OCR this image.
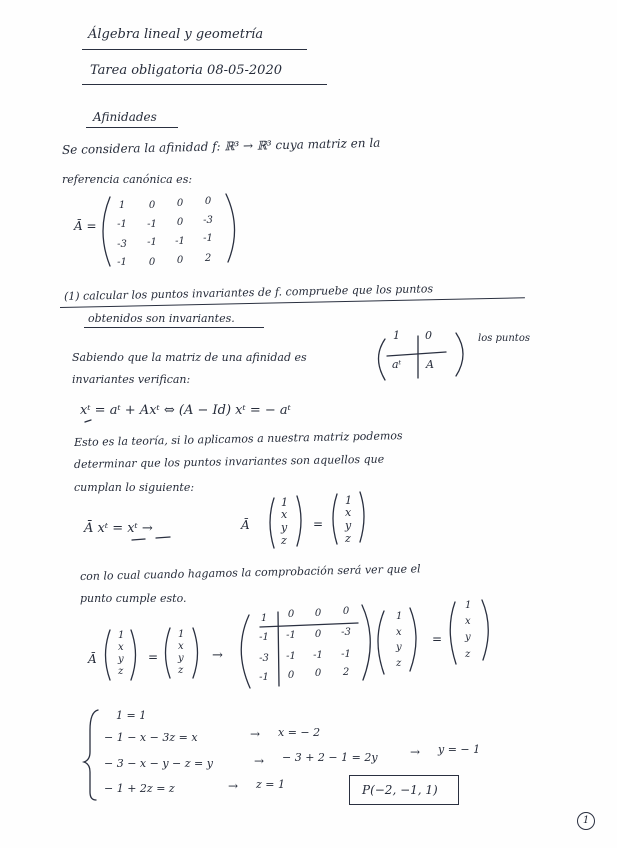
Álgebra lineal y geometría
Tarea obligatoria 08-05-2020
Afinidades
Se considera la afinidad f: ℝ³ → ℝ³ cuya matriz en la
referencia canónica es:
Ā =
1	0	0	0
-1	-1	0	-3
-3	-1	-1	-1
-1	0	0	2
(1) calcular los puntos invariantes de f. compruebe que los puntos
obtenidos son invariantes.
Sabiendo que la matriz de una afinidad es
los puntos
invariantes verifican:
1 0
aᵗ A
xᵗ = aᵗ + Axᵗ ⇔ (A − Id) xᵗ = − aᵗ
Esto es la teoría, si lo aplicamos a nuestra matriz podemos
determinar que los puntos invariantes son aquellos que
cumplan lo siguiente:
Ā xᵗ = xᵗ →	Ā
1
x
y
z
=
1
x
y
z
con lo cual cuando hagamos la comprobación será ver que el
punto cumple esto.
Ā
1
x
y
z
=
1
x
y
z
→
1	0	0	0
-1	-1	0	-3
-3	-1	-1	-1
-1	0	0	2
1
x
y
z
=
1
x
y
z
1 = 1
− 1 − x − 3z = x	→ x = − 2
− 3 − x − y − z = y	→ − 3 + 2 − 1 = 2y	→ y = − 1
− 1 + 2z = z	→ z = 1	P(−2, −1, 1)
1
